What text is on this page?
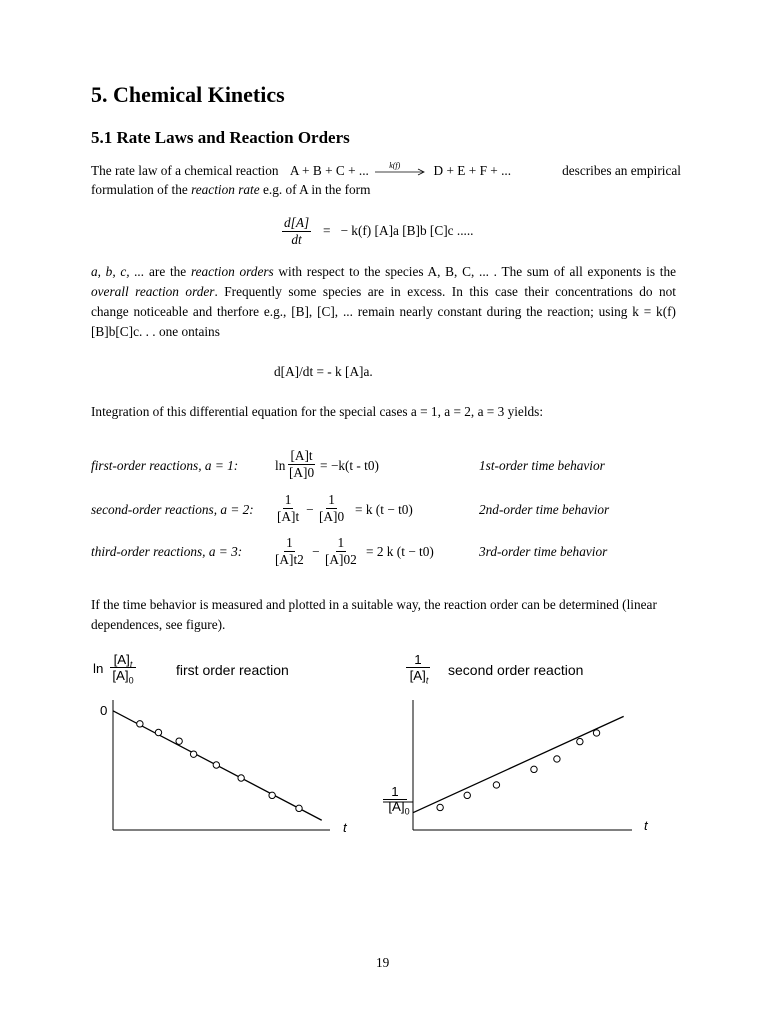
5. Chemical Kinetics
5.1 Rate Laws and Reaction Orders
The rate law of a chemical reaction A + B + C + ...	k(f) D + E + F + ...	describes an empirical
formulation of the reaction rate e.g. of A in the form
$\frac{d[A]}{dt}$ =   − k(f) [A]a [B]b [C]c .....
a, b, c, ... are the reaction orders with respect to the species A, B, C, ... . The sum of all exponents is the
overall reaction order. Frequently some species are in excess. In this case their concentrations do not
change noticeable and therfore e.g., [B], [C], ... remain nearly constant during the reaction; using k = k(f)
[B]b[C]c. . . one ontains
d[A]/dt = - k [A]a.
Integration of this differential equation for the special cases a = 1, a = 2, a = 3 yields:
first-order reactions, a = 1:	$\ln \frac{[A]t}{[A]0} = -k(t - t0)$	1st-order time behavior
second-order reactions, a = 2: $\frac{1}{[A]t} - \frac{1}{[A]0} = k$ (t − t0)	2nd-order time behavior
third-order reactions, a = 3: $\frac{1}{[A]t2} - \frac{1}{[A]02} = 2$ k (t − t0)	3rd-order time behavior
If the time behavior is measured and plotted in a suitable way, the reaction order can be determined (linear
dependences, see figure).
ln
$[A]_t$
$[A]_0$
first order reaction
1
$[A]_t$
second order reaction
0
t
1
$[A]_0$
t
19
